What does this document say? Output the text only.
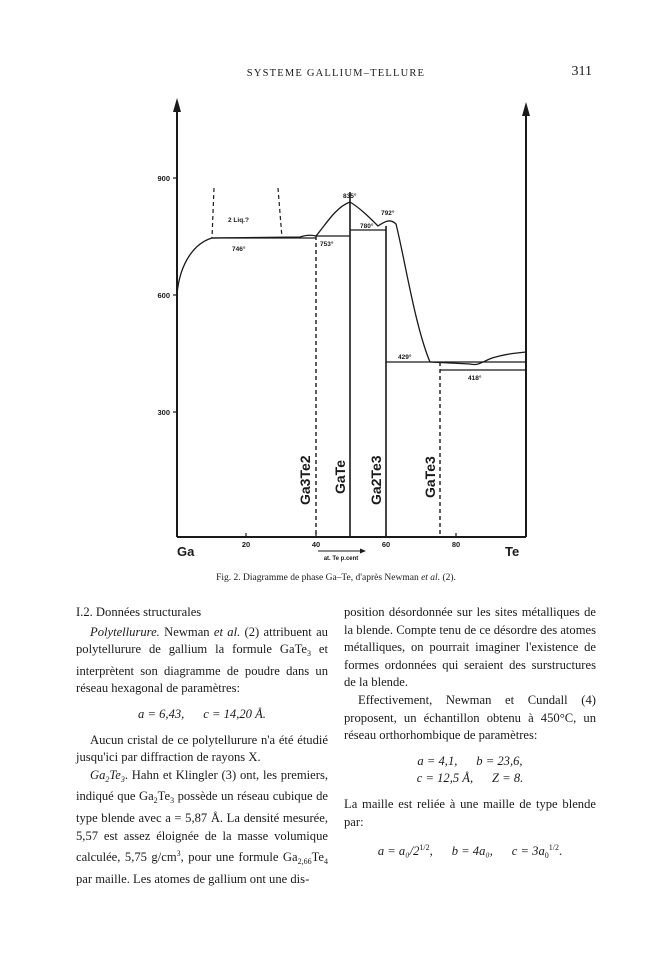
SYSTEME GALLIUM–TELLURE	311
900
600
300
20	40	60	80
Ga	Te
at. Te p.cent
2 Liq.?
746°
753°
835°
780°
792°
429°
418°
Ga3Te2 GaTe Ga2Te3	GaTe3
Fig. 2. Diagramme de phase Ga–Te, d'après Newman et al. (2).

I.2. Données structurales

Polytellurure. Newman et al. (2) attribuent au polytellurure de gallium la formule GaTe$_3$ et interprètent son diagramme de poudre dans un réseau hexagonal de paramètres:

a = 6,43, c = 14,20 Å.

Aucun cristal de ce polytellurure n'a été étudié jusqu'ici par diffraction de rayons X.

$Ga_2Te_3$. Hahn et Klingler (3) ont, les premiers, indiqué que $Ga_2Te_3$ possède un réseau cubique de type blende avec a = 5,87 Å. La densité mesurée, 5,57 est assez éloignée de la masse volumique calculée, 5,75 $g/cm^3$, pour une formule $Ga_{2,66}Te_4$ par maille. Les atomes de gallium ont une dis-

position désordonnée sur les sites métalliques de la blende. Compte tenu de ce désordre des atomes métalliques, on pourrait imaginer l'existence de formes ordonnées qui seraient des surstructures de la blende.

Effectivement, Newman et Cundall (4) proposent, un échantillon obtenu à 450°C, un réseau orthorhombique de paramètres:

a = 4,1, b = 23,6,

c = 12,5 Å, Z = 8.

La maille est reliée à une maille de type blende par:

$a = a_0/2^{1/2}$,      b = 4a₀, $c = 3a_0^{1/2}$.
